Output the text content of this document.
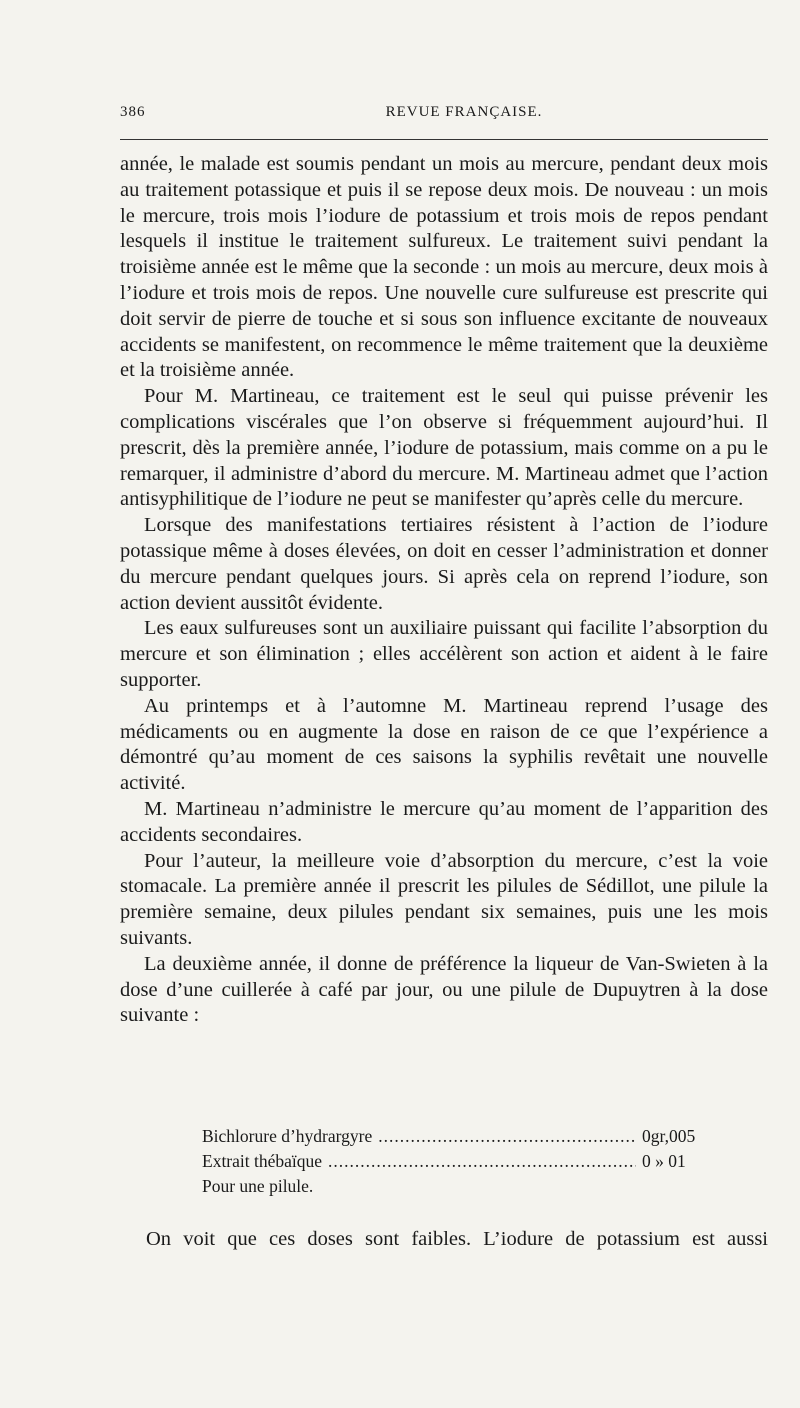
386	REVUE FRANÇAISE.

année, le malade est soumis pendant un mois au mercure, pendant deux mois au traitement potassique et puis il se repose deux mois. De nouveau : un mois le mercure, trois mois l’iodure de potassium et trois mois de repos pendant lesquels il institue le traitement sulfureux. Le traitement suivi pendant la troisième année est le même que la seconde : un mois au mercure, deux mois à l’iodure et trois mois de repos. Une nouvelle cure sulfureuse est prescrite qui doit servir de pierre de touche et si sous son influence excitante de nouveaux accidents se manifestent, on recommence le même traitement que la deuxième et la troisième année.

Pour M. Martineau, ce traitement est le seul qui puisse prévenir les complications viscérales que l’on observe si fréquemment aujourd’hui. Il prescrit, dès la première année, l’iodure de potassium, mais comme on a pu le remarquer, il administre d’abord du mercure. M. Martineau admet que l’action antisyphilitique de l’iodure ne peut se manifester qu’après celle du mercure.

Lorsque des manifestations tertiaires résistent à l’action de l’iodure potassique même à doses élevées, on doit en cesser l’administration et donner du mercure pendant quelques jours. Si après cela on reprend l’iodure, son action devient aussitôt évidente.

Les eaux sulfureuses sont un auxiliaire puissant qui facilite l’absorption du mercure et son élimination ; elles accélèrent son action et aident à le faire supporter.

Au printemps et à l’automne M. Martineau reprend l’usage des médicaments ou en augmente la dose en raison de ce que l’expérience a démontré qu’au moment de ces saisons la syphilis revêtait une nouvelle activité.

M. Martineau n’administre le mercure qu’au moment de l’apparition des accidents secondaires.

Pour l’auteur, la meilleure voie d’absorption du mercure, c’est la voie stomacale. La première année il prescrit les pilules de Sédillot, une pilule la première semaine, deux pilules pendant six semaines, puis une les mois suivants.

La deuxième année, il donne de préférence la liqueur de Van-Swieten à la dose d’une cuillerée à café par jour, ou une pilule de Dupuytren à la dose suivante :

Bichlorure d’hydrargyre .....	0gr,005
Extrait thébaïque .....	0 » 01
Pour une pilule.
On voit que ces doses sont faibles. L’iodure de potassium est aussi
